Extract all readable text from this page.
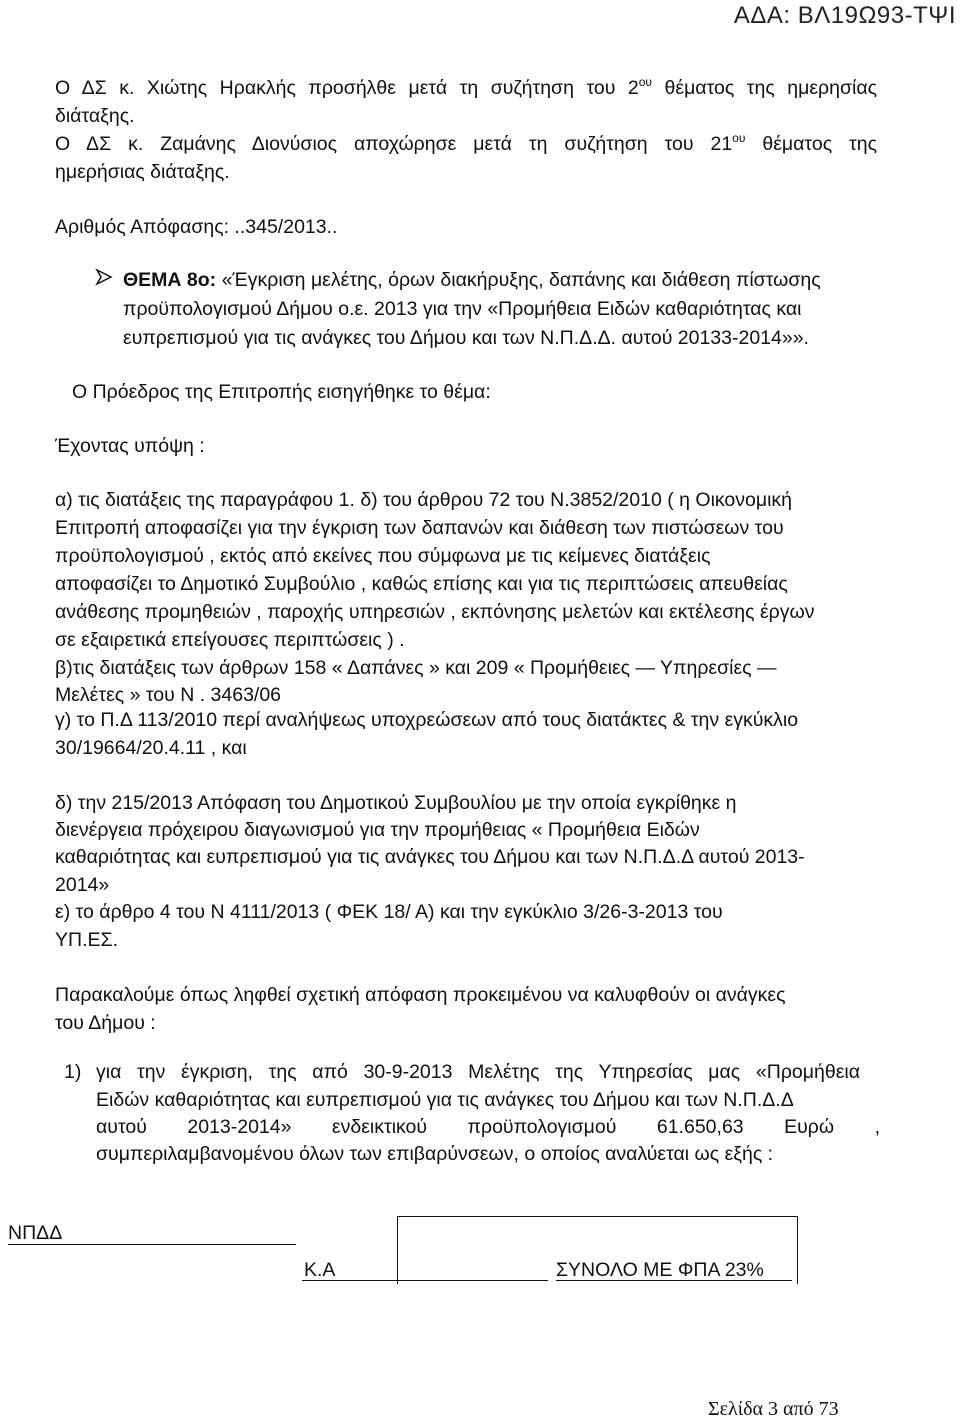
ΑΔΑ: ΒΛ19Ω93-ΤΨΙ
Ο ΔΣ κ. Χιώτης Ηρακλής προσήλθε μετά τη συζήτηση του $2^{o\upsilon}$ θέματος της ημερησίας
διάταξης.
Ο ΔΣ κ. Ζαμάνης Διονύσιος αποχώρησε μετά τη συζήτηση του $21^{o\upsilon}$ θέματος της
ημερήσιας διάταξης.
Αριθμός Απόφασης: ..345/2013..
ΘΕΜΑ 8ο: «Έγκριση μελέτης, όρων διακήρυξης, δαπάνης και διάθεση πίστωσης
προϋπολογισμού Δήμου ο.ε. 2013 για την «Προμήθεια Ειδών καθαριότητας και
ευπρεπισμού για τις ανάγκες του Δήμου και των Ν.Π.Δ.Δ. αυτού 20133-2014»».
Ο Πρόεδρος της Επιτροπής εισηγήθηκε το θέμα:
Έχοντας υπόψη :
α) τις διατάξεις της παραγράφου 1. δ) του άρθρου 72 του Ν.3852/2010 ( η Οικονομική
Επιτροπή αποφασίζει για την έγκριση των δαπανών και διάθεση των πιστώσεων του
προϋπολογισμού , εκτός από εκείνες που σύμφωνα με τις κείμενες διατάξεις
αποφασίζει το Δημοτικό Συμβούλιο , καθώς επίσης και για τις περιπτώσεις απευθείας
ανάθεσης προμηθειών , παροχής υπηρεσιών , εκπόνησης μελετών και εκτέλεσης έργων
σε εξαιρετικά επείγουσες περιπτώσεις ) .
β)τις διατάξεις των άρθρων 158 « Δαπάνες » και 209 « Προμήθειες — Υπηρεσίες —
Μελέτες » του Ν . 3463/06
γ) το Π.Δ 113/2010 περί αναλήψεως υποχρεώσεων από τους διατάκτες & την εγκύκλιο
30/19664/20.4.11 , και
δ) την 215/2013 Απόφαση του Δημοτικού Συμβουλίου με την οποία εγκρίθηκε η
διενέργεια πρόχειρου διαγωνισμού για την προμήθειας « Προμήθεια Ειδών
καθαριότητας και ευπρεπισμού για τις ανάγκες του Δήμου και των Ν.Π.Δ.Δ αυτού 2013-
2014»
ε) το άρθρο 4 του Ν 4111/2013 ( ΦΕΚ 18/ Α) και την εγκύκλιο 3/26-3-2013 του
ΥΠ.ΕΣ.
Παρακαλούμε όπως ληφθεί σχετική απόφαση προκειμένου να καλυφθούν οι ανάγκες
του Δήμου :
1) για την έγκριση, της από 30-9-2013 Μελέτης της Υπηρεσίας μας «Προμήθεια
Ειδών καθαριότητας και ευπρεπισμού για τις ανάγκες του Δήμου και των Ν.Π.Δ.Δ
αυτού 2013-2014» ενδεικτικού προϋπολογισμού 61.650,63 Ευρώ ,
συμπεριλαμβανομένου όλων των επιβαρύνσεων, ο οποίος αναλύεται ως εξής :
ΝΠΔΔ
Κ.Α	ΣΥΝΟΛΟ ΜΕ ΦΠΑ 23%
Σελίδα 3 από 73
